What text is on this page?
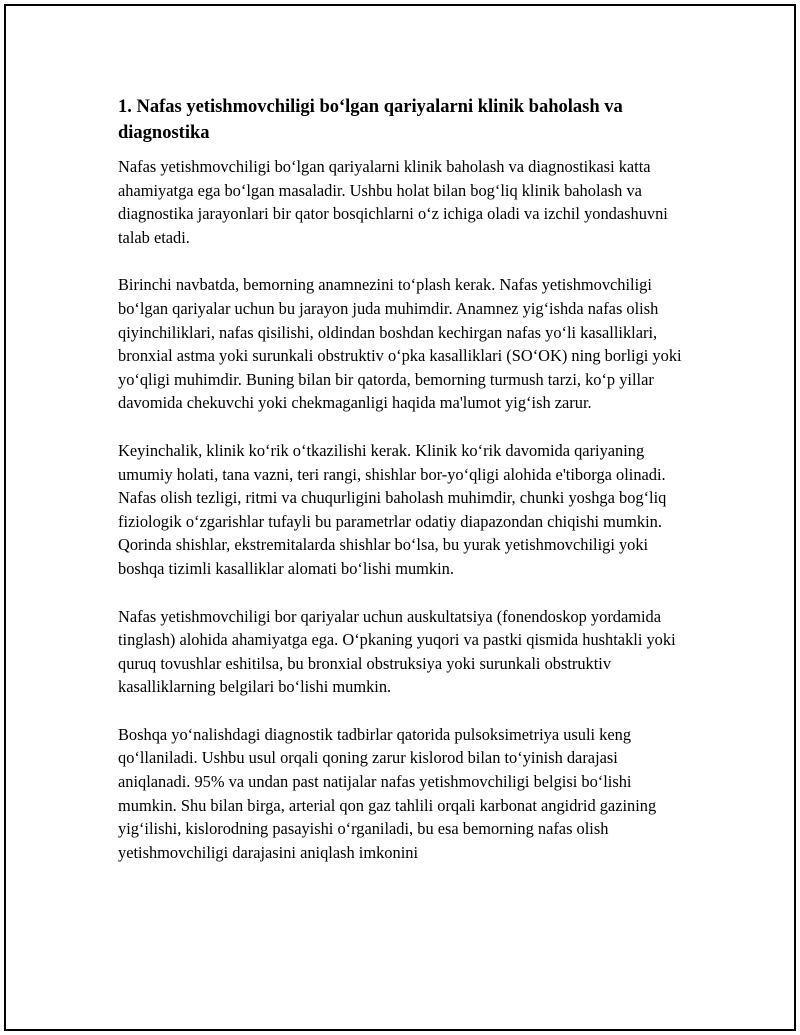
1. Nafas yetishmovchiligi bo‘lgan qariyalarni klinik baholash va diagnostika

Nafas yetishmovchiligi bo‘lgan qariyalarni klinik baholash va diagnostikasi katta ahamiyatga ega bo‘lgan masaladir. Ushbu holat bilan bog‘liq klinik baholash va diagnostika jarayonlari bir qator bosqichlarni o‘z ichiga oladi va izchil yondashuvni talab etadi.

Birinchi navbatda, bemorning anamnezini to‘plash kerak. Nafas yetishmovchiligi bo‘lgan qariyalar uchun bu jarayon juda muhimdir. Anamnez yig‘ishda nafas olish qiyinchiliklari, nafas qisilishi, oldindan boshdan kechirgan nafas yo‘li kasalliklari, bronxial astma yoki surunkali obstruktiv o‘pka kasalliklari (SO‘OK) ning borligi yoki yo‘qligi muhimdir. Buning bilan bir qatorda, bemorning turmush tarzi, ko‘p yillar davomida chekuvchi yoki chekmaganligi haqida ma'lumot yig‘ish zarur.

Keyinchalik, klinik ko‘rik o‘tkazilishi kerak. Klinik ko‘rik davomida qariyaning umumiy holati, tana vazni, teri rangi, shishlar bor-yo‘qligi alohida e'tiborga olinadi. Nafas olish tezligi, ritmi va chuqurligini baholash muhimdir, chunki yoshga bog‘liq fiziologik o‘zgarishlar tufayli bu parametrlar odatiy diapazondan chiqishi mumkin. Qorinda shishlar, ekstremitalarda shishlar bo‘lsa, bu yurak yetishmovchiligi yoki boshqa tizimli kasalliklar alomati bo‘lishi mumkin.

Nafas yetishmovchiligi bor qariyalar uchun auskultatsiya (fonendoskop yordamida tinglash) alohida ahamiyatga ega. O‘pkaning yuqori va pastki qismida hushtakli yoki quruq tovushlar eshitilsa, bu bronxial obstruksiya yoki surunkali obstruktiv kasalliklarning belgilari bo‘lishi mumkin.

Boshqa yo‘nalishdagi diagnostik tadbirlar qatorida pulsoksimetriya usuli keng qo‘llaniladi. Ushbu usul orqali qoning zarur kislorod bilan to‘yinish darajasi aniqlanadi. 95% va undan past natijalar nafas yetishmovchiligi belgisi bo‘lishi mumkin. Shu bilan birga, arterial qon gaz tahlili orqali karbonat angidrid gazining yig‘ilishi, kislorodning pasayishi o‘rganiladi, bu esa bemorning nafas olish yetishmovchiligi darajasini aniqlash imkonini
